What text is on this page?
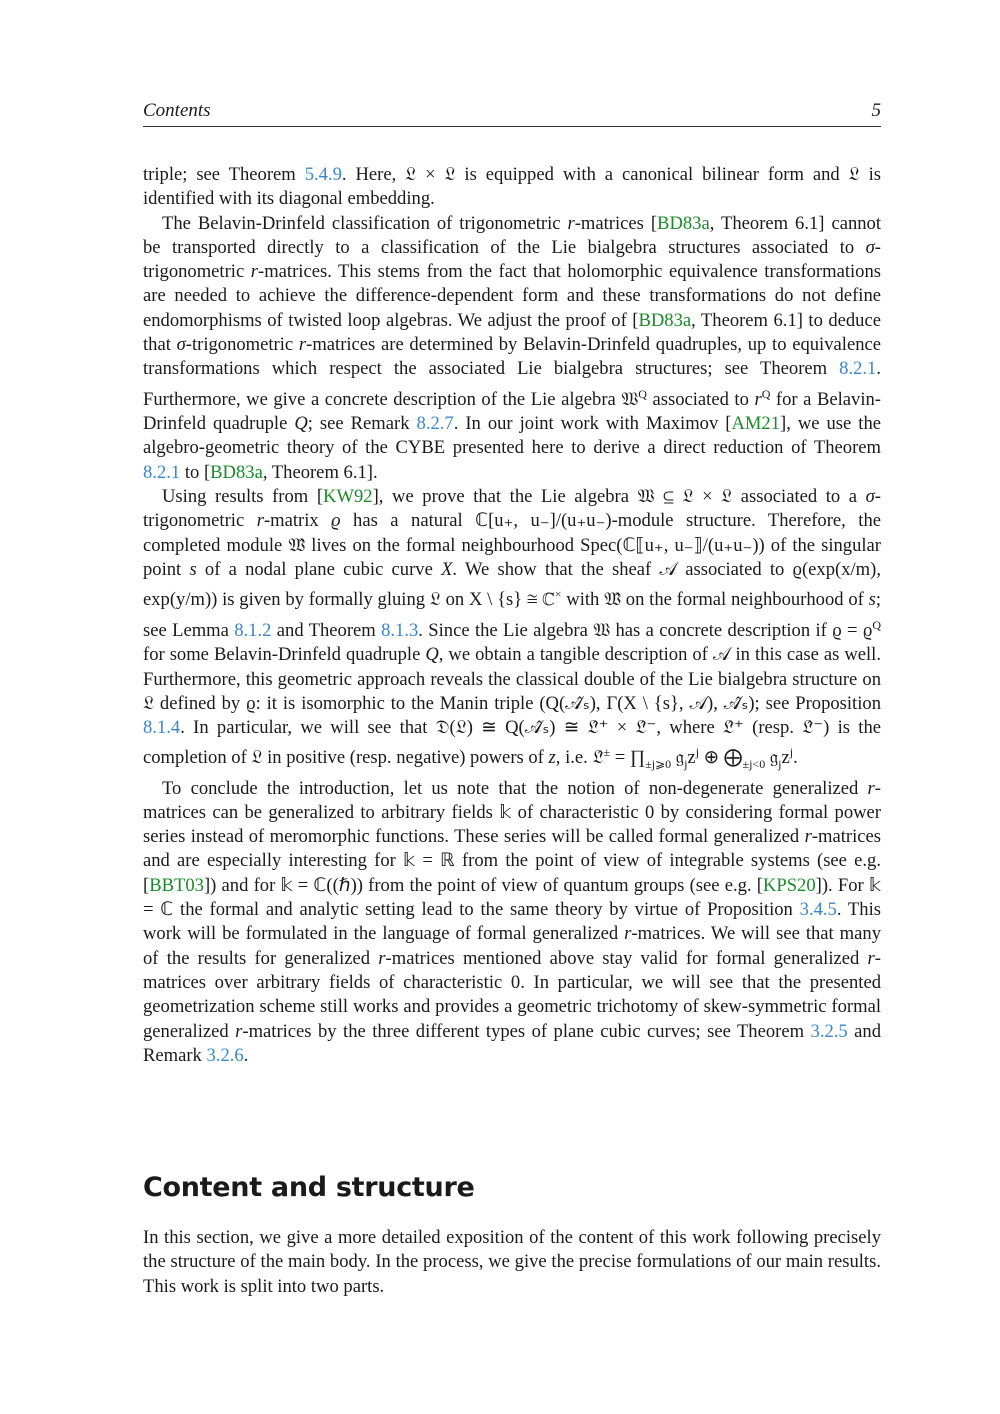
Contents	5

triple; see Theorem 5.4.9. Here, 𝔏 × 𝔏 is equipped with a canonical bilinear form and 𝔏 is identified with its diagonal embedding.

The Belavin-Drinfeld classification of trigonometric r-matrices [BD83a, Theorem 6.1] cannot be transported directly to a classification of the Lie bialgebra structures associated to σ-trigonometric r-matrices. This stems from the fact that holomorphic equivalence transformations are needed to achieve the difference-dependent form and these transformations do not define endomorphisms of twisted loop algebras. We adjust the proof of [BD83a, Theorem 6.1] to deduce that σ-trigonometric r-matrices are determined by Belavin-Drinfeld quadruples, up to equivalence transformations which respect the associated Lie bialgebra structures; see Theorem 8.2.1. Furthermore, we give a concrete description of the Lie algebra 𝔚$^Q$ associated to $r^Q$ for a Belavin-Drinfeld quadruple Q; see Remark 8.2.7. In our joint work with Maximov [AM21], we use the algebro-geometric theory of the CYBE presented here to derive a direct reduction of Theorem 8.2.1 to [BD83a, Theorem 6.1].

Using results from [KW92], we prove that the Lie algebra 𝔚 ⊆ 𝔏 × 𝔏 associated to a σ-trigonometric r-matrix ϱ has a natural ℂ[u₊, u₋]/(u₊u₋)-module structure. Therefore, the completed module 𝔚̂ lives on the formal neighbourhood Spec(ℂ⟦u₊, u₋⟧/(u₊u₋)) of the singular point s of a nodal plane cubic curve X. We show that the sheaf 𝒜 associated to ϱ(exp(x/m), exp(y/m)) is given by formally gluing 𝔏 on X \ {s} ≅ ℂ× with 𝔚̂ on the formal neighbourhood of s; see Lemma 8.1.2 and Theorem 8.1.3. Since the Lie algebra 𝔚 has a concrete description if $ϱ = ϱ^Q$ for some Belavin-Drinfeld quadruple Q, we obtain a tangible description of 𝒜 in this case as well. Furthermore, this geometric approach reveals the classical double of the Lie bialgebra structure on 𝔏 defined by ϱ: it is isomorphic to the Manin triple (Q(𝒜̂ₛ), Γ(X \ {s}, 𝒜), 𝒜̂ₛ); see Proposition 8.1.4. In particular, we will see that 𝔇(𝔏) ≅ Q(𝒜̂ₛ) ≅ 𝔏̂⁺ × 𝔏̂⁻, where 𝔏̂⁺ (resp. 𝔏̂⁻) is the completion of 𝔏 in positive (resp. negative) powers of z, i.e. 𝔏̂± = $\prod_{\pm j⩾0}$ $𝔤_jz^j$ ⊕ $⨁_{\pm j<0}$ $𝔤_jz^j$.

To conclude the introduction, let us note that the notion of non-degenerate generalized r-matrices can be generalized to arbitrary fields 𝕜 of characteristic 0 by considering formal power series instead of meromorphic functions. These series will be called formal generalized r-matrices and are especially interesting for 𝕜 = ℝ from the point of view of integrable systems (see e.g. [BBT03]) and for 𝕜 = ℂ((ℏ)) from the point of view of quantum groups (see e.g. [KPS20]). For 𝕜 = ℂ the formal and analytic setting lead to the same theory by virtue of Proposition 3.4.5. This work will be formulated in the language of formal generalized r-matrices. We will see that many of the results for generalized r-matrices mentioned above stay valid for formal generalized r-matrices over arbitrary fields of characteristic 0. In particular, we will see that the presented geometrization scheme still works and provides a geometric trichotomy of skew-symmetric formal generalized r-matrices by the three different types of plane cubic curves; see Theorem 3.2.5 and Remark 3.2.6.

Content and structure

In this section, we give a more detailed exposition of the content of this work following precisely the structure of the main body. In the process, we give the precise formulations of our main results. This work is split into two parts.
